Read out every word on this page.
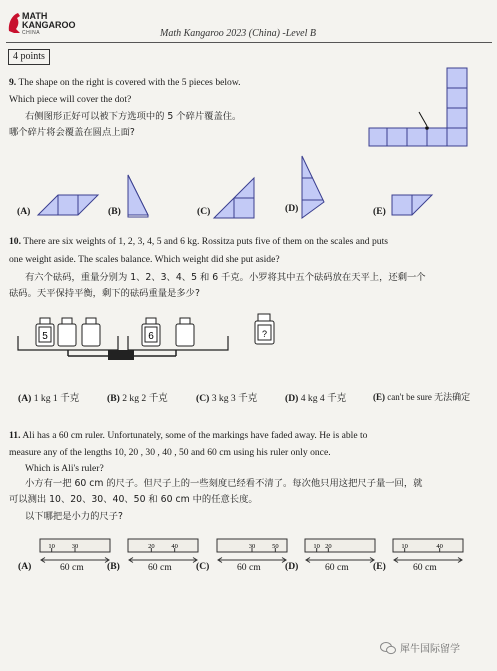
MATH
KANGAROO
CHINA	Math Kangaroo 2023 (China) -Level B
4 points
9. The shape on the right is covered with the 5 pieces below.
Which piece will cover the dot?
右侧图形正好可以被下方选项中的 5 个碎片覆盖住。
哪个碎片将会覆盖在圆点上面?
(A)	(B)	(C)	(D)	(E)
10. There are six weights of 1, 2, 3, 4, 5 and 6 kg. Rossitza puts five of them on the scales and puts
one weight aside. The scales balance. Which weight did she put aside?
有六个砝码，重量分别为 1、2、3、4、5 和 6 千克。小罗将其中五个砝码放在天平上，还剩一个
砝码。天平保持平衡，剩下的砝码重量是多少?
5	6	?
(A) 1 kg 1 千克	(B) 2 kg 2 千克	(C) 3 kg 3 千克	(D) 4 kg 4 千克	(E) can't be sure 无法确定
11. Ali has a 60 cm ruler. Unfortunately, some of the markings have faded away. He is able to
measure any of the lengths 10, 20 , 30 , 40 , 50 and 60 cm using his ruler only once.
Which is Ali's ruler?
小方有一把 60 cm 的尺子。但尺子上的一些刻度已经看不清了。每次他只用这把尺子量一回，就
可以测出 10、20、30、40、50 和 60 cm 中的任意长度。
以下哪把是小力的尺子?
(A)
10	30
60 cm (B)
20	40
60 cm	(C)
30	50
60 cm	(D)
10 20
60 cm	(E)
10	40
60 cm
犀牛国际留学
